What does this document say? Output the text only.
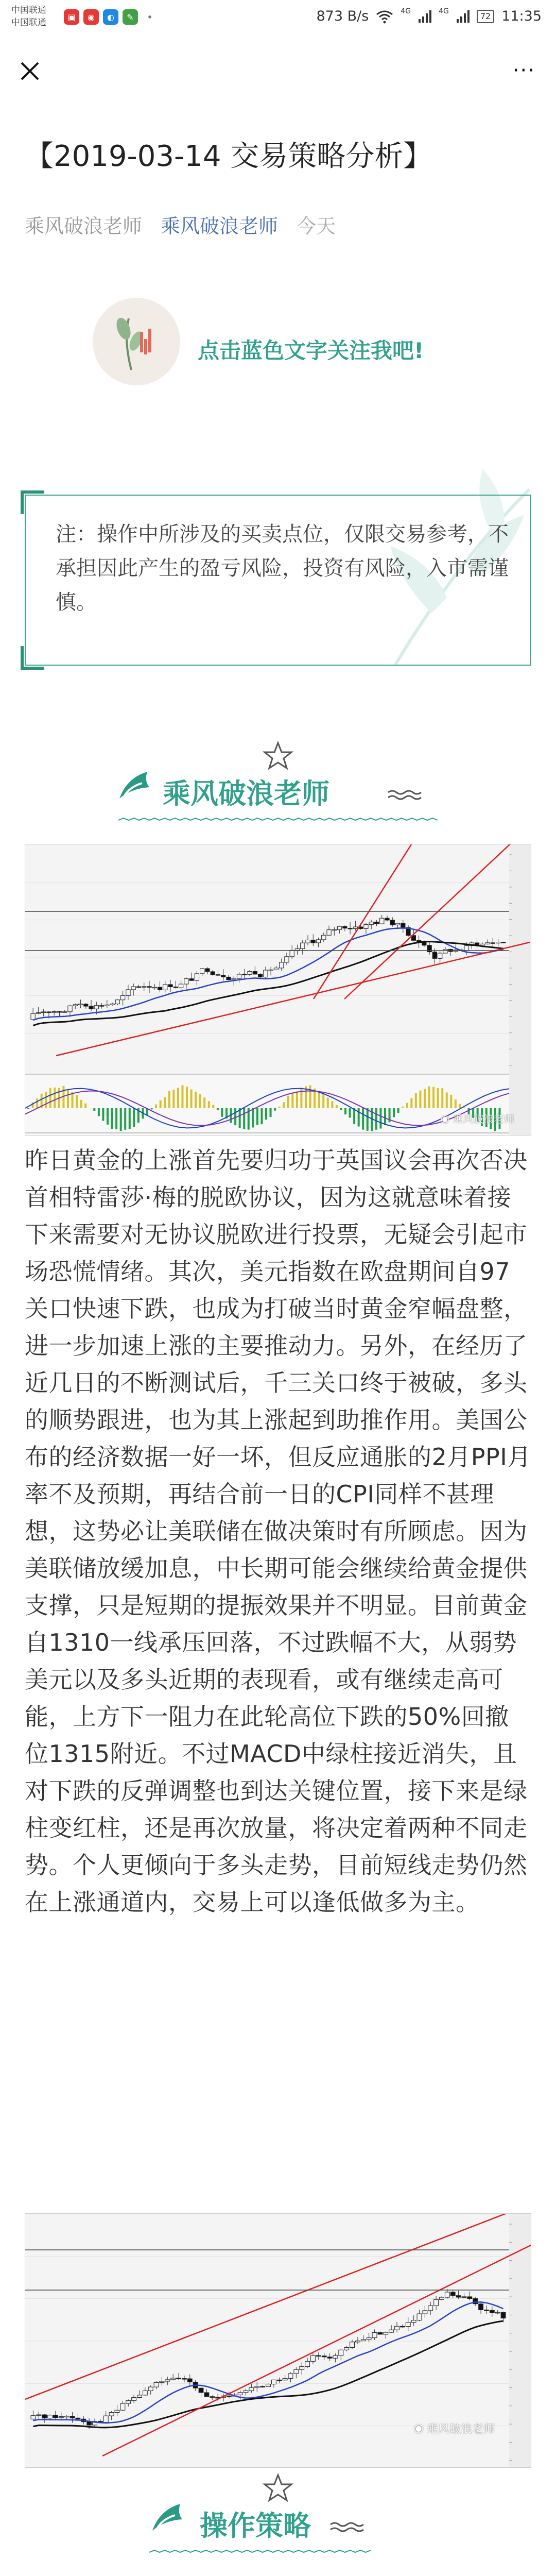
中国联通
中国联通
▣	◉	◐	✎	•	873 B/s	4G	4G	72 11:35
···
【2019-03-14 交易策略分析】
乘风破浪老师 乘风破浪老师 今天
点击蓝色文字关注我吧!
注：操作中所涉及的买卖点位，仅限交易参考，不承担因此产生的盈亏风险，投资有风险，入市需谨慎。
乘风破浪老师
◉ 乘风破浪老师
昨日黄金的上涨首先要归功于英国议会再次否决首相特雷莎·梅的脱欧协议，因为这就意味着接下来需要对无协议脱欧进行投票，无疑会引起市场恐慌情绪。其次，美元指数在欧盘期间自97关口快速下跌，也成为打破当时黄金窄幅盘整，进一步加速上涨的主要推动力。另外，在经历了近几日的不断测试后，千三关口终于被破，多头的顺势跟进，也为其上涨起到助推作用。美国公布的经济数据一好一坏，但反应通胀的2月PPI月率不及预期，再结合前一日的CPI同样不甚理想，这势必让美联储在做决策时有所顾虑。因为美联储放缓加息，中长期可能会继续给黄金提供支撑，只是短期的提振效果并不明显。目前黄金自1310一线承压回落，不过跌幅不大，从弱势美元以及多头近期的表现看，或有继续走高可能，上方下一阻力在此轮高位下跌的50%回撤位1315附近。不过MACD中绿柱接近消失，且对下跌的反弹调整也到达关键位置，接下来是绿柱变红柱，还是再次放量，将决定着两种不同走势。个人更倾向于多头走势，目前短线走势仍然在上涨通道内，交易上可以逢低做多为主。
◉ 乘风破浪老师
操作策略
